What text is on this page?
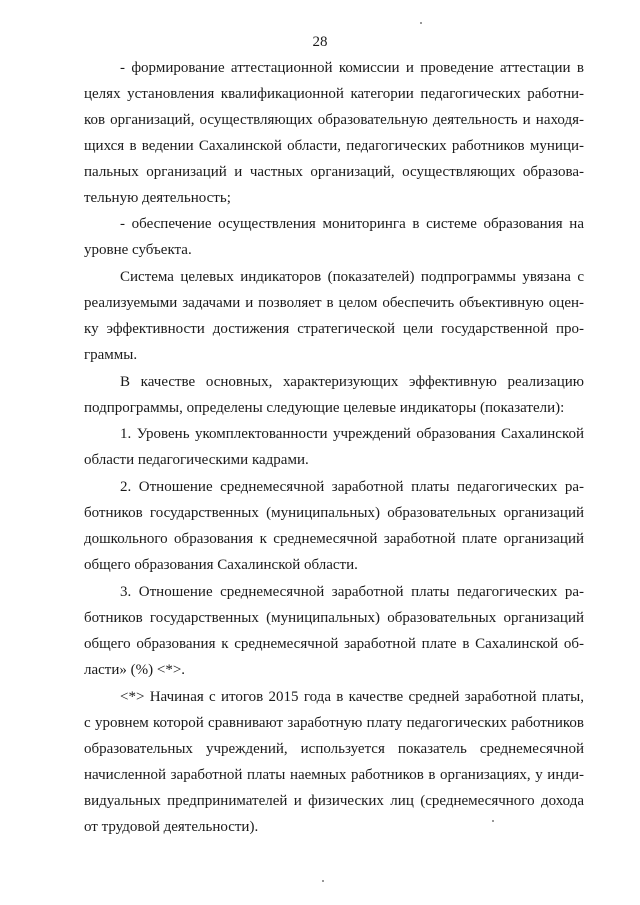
28
- формирование аттестационной комиссии и проведение аттестации в
целях установления квалификационной категории педагогических работни-
ков организаций, осуществляющих образовательную деятельность и находя-
щихся в ведении Сахалинской области, педагогических работников муници-
пальных организаций и частных организаций, осуществляющих образова-
тельную деятельность;
- обеспечение осуществления мониторинга в системе образования на
уровне субъекта.
Система целевых индикаторов (показателей) подпрограммы увязана с
реализуемыми задачами и позволяет в целом обеспечить объективную оцен-
ку эффективности достижения стратегической цели государственной про-
граммы.
В качестве основных, характеризующих эффективную реализацию
подпрограммы, определены следующие целевые индикаторы (показатели):
1. Уровень укомплектованности учреждений образования Сахалинской
области педагогическими кадрами.
2. Отношение среднемесячной заработной платы педагогических ра-
ботников государственных (муниципальных) образовательных организаций
дошкольного образования к среднемесячной заработной плате организаций
общего образования Сахалинской области.
3. Отношение среднемесячной заработной платы педагогических ра-
ботников государственных (муниципальных) образовательных организаций
общего образования к среднемесячной заработной плате в Сахалинской об-
ласти» (%) <*>.
<*> Начиная с итогов 2015 года в качестве средней заработной платы,
с уровнем которой сравнивают заработную плату педагогических работников
образовательных учреждений, используется показатель среднемесячной
начисленной заработной платы наемных работников в организациях, у инди-
видуальных предпринимателей и физических лиц (среднемесячного дохода
от трудовой деятельности).
